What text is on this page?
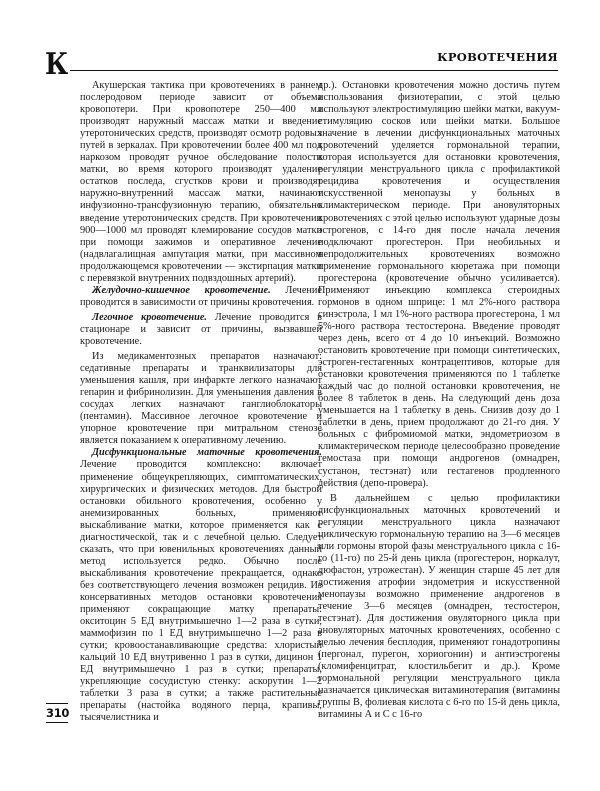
К	КРОВОТЕЧЕНИЯ

Акушерская тактика при кровотечениях в раннем послеродовом периоде зависит от объема кровопотери. При кровопотере 250—400 мл производят наружный массаж матки и введение утеротонических средств, производят осмотр родовых путей в зеркалах. При кровотечении более 400 мл под наркозом проводят ручное обследование полости матки, во время которого производят удаление остатков последа, сгустков крови и производят наружно-внутренний массаж матки, начинают инфузионно-трансфузионную терапию, обязательно введение утеротонических средств. При кровотечении 900—1000 мл проводят клемирование сосудов матки при помощи зажимов и оперативное лечение (надвлагалищная ампутация матки, при массивном продолжающемся кровотечении — экстирпация матки с перевязкой внутренних подвздошных артерий).

Желудочно-кишечное кровотечение. Лечение проводится в зависимости от причины кровотечения.

Легочное кровотечение. Лечение проводится в стационаре и зависит от причины, вызвавшей кровотечение.

Из медикаментозных препаратов назначают: седативные препараты и транквилизаторы для уменьшения кашля, при инфаркте легкого назначают гепарин и фибринолизин. Для уменьшения давления в сосудах легких назначают ганглиоблокаторы (пентамин). Массивное легочное кровотечение и упорное кровотечение при митральном стенозе является показанием к оперативному лечению.

Дисфункциональные маточные кровотечения. Лечение проводится комплексно: включает применение общеукрепляющих, симптоматических, хирургических и физических методов. Для быстрой остановки обильного кровотечения, особенно у анемизированных больных, применяют выскабливание матки, которое применяется как с диагностической, так и с лечебной целью. Следует сказать, что при ювенильных кровотечениях данный метод используется редко. Обычно после выскабливания кровотечение прекращается, однако без соответствующего лечения возможен рецидив. Из консервативных методов остановки кровотечения применяют сокращающие матку препараты: окситоцин 5 ЕД внутримышечно 1—2 раза в сутки, маммофизин по 1 ЕД внутримышечно 1—2 раза в сутки; кровоостанавливающие средства: хлористый кальций 10 ЕД внутривенно 1 раз в сутки, дицинон 1 ЕД внутримышечно 1 раз в сутки; препараты, укрепляющие сосудистую стенку: аскорутин 1—2 таблетки 3 раза в сутки; а также растительные препараты (настойка водяного перца, крапивы, тысячелистника и

др.). Остановки кровотечения можно достичь путем использования физиотерапии, с этой целью используют электростимуляцию шейки матки, вакуум-стимуляцию сосков или шейки матки. Большое значение в лечении дисфункциональных маточных кровотечений уделяется гормональной терапии, которая используется для остановки кровотечения, регуляции менструального цикла с профилактикой рецидива кровотечения и осуществления искусственной менопаузы у больных в климактерическом периоде. При ановуляторных кровотечениях с этой целью используют ударные дозы эстрогенов, с 14-го дня после начала лечения подключают прогестерон. При необильных и непродолжительных кровотечениях возможно применение гормонального кюретажа при помощи прогестерона (кровотечение обычно усиливается). Применяют инъекцию комплекса стероидных гормонов в одном шприце: 1 мл 2%-ного раствора синэстрола, 1 мл 1%-ного раствора прогестерона, 1 мл 5%-ного раствора тестостерона. Введение проводят через день, всего от 4 до 10 инъекций. Возможно остановить кровотечение при помощи синтетических, эстроген-гестагенных контрацептивов, которые для остановки кровотечения применяются по 1 таблетке каждый час до полной остановки кровотечения, не более 8 таблеток в день. На следующий день доза уменьшается на 1 таблетку в день. Снизив дозу до 1 таблетки в день, прием продолжают до 21-го дня. У больных с фибромиомой матки, эндометриозом в климактерическом периоде целесообразно проведение гемостаза при помощи андрогенов (омнадрен, сустанон, тестэнат) или гестагенов продленного действия (депо-провера).

В дальнейшем с целью профилактики дисфункциональных маточных кровотечений и регуляции менструального цикла назначают циклическую гормональную терапию на 3—6 месяцев или гормоны второй фазы менструального цикла с 16-го (11-го) по 25-й день цикла (прогестерон, норкалут, дюфастон, утрожестан). У женщин старше 45 лет для достижения атрофии эндометрия и искусственной менопаузы возможно применение андрогенов в течение 3—6 месяцев (омнадрен, тестостерон, тестэнат). Для достижения овуляторного цикла при ановуляторных маточных кровотечениях, особенно с целью лечения бесплодия, применяют гонадотропины (пергонал, пурегон, хориогонин) и антиэстрогены (кломифенцитрат, клостильбегит и др.). Кроме гормональной регуляции менструального цикла назначается циклическая витаминотерапия (витамины группы В, фолиевая кислота с 6-го по 15-й день цикла, витамины А и С с 16-го

310
